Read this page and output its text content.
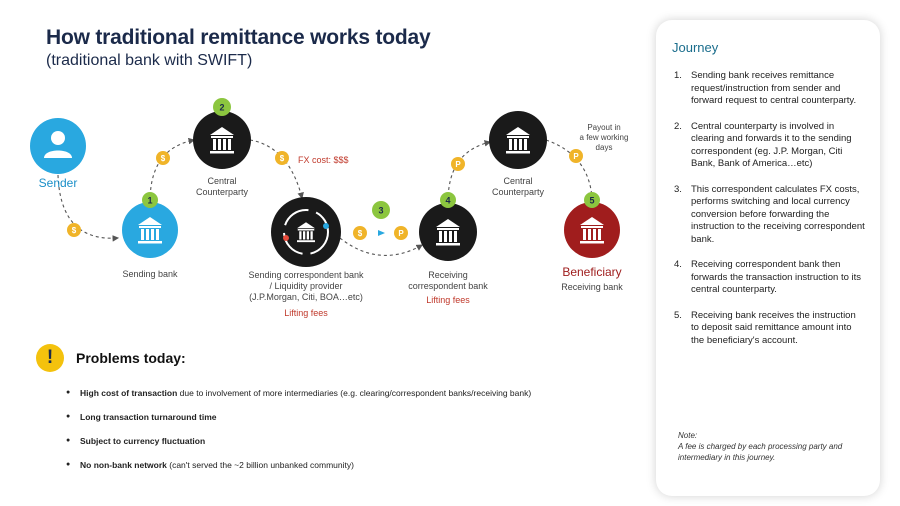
How traditional remittance works today
(traditional bank with SWIFT)
1
2
3
4	5
$
$	$
$	P
P
P
Sender
Sending bank
Central
Counterparty
FX cost: $$$
Sending correspondent bank
/ Liquidity provider
(J.P.Morgan, Citi, BOA…etc)
Lifting fees
Receiving
correspondent bank
Lifting fees
Central
Counterparty
Payout in
a few working
days
Beneficiary
Receiving bank
!	Problems today:
● High cost of transaction due to involvement of more intermediaries (e.g. clearing/correspondent banks/receiving bank)
● Long transaction turnaround time
● Subject to currency fluctuation
● No non-bank network (can't served the ~2 billion unbanked community)
Journey
1. Sending bank receives remittance request/instruction from sender and forward request to central counterparty.
2. Central counterparty is involved in clearing and forwards it to the sending correspondent (eg. J.P. Morgan, Citi Bank, Bank of America…etc)
3. This correspondent calculates FX costs, performs switching and local currency conversion before forwarding the instruction to the receiving correspondent bank.
4. Receiving correspondent bank then forwards the transaction instruction to its central counterparty.
5. Receiving bank receives the instruction to deposit said remittance amount into the beneficiary's account.
Note:
A fee is charged by each processing party and intermediary in this journey.
